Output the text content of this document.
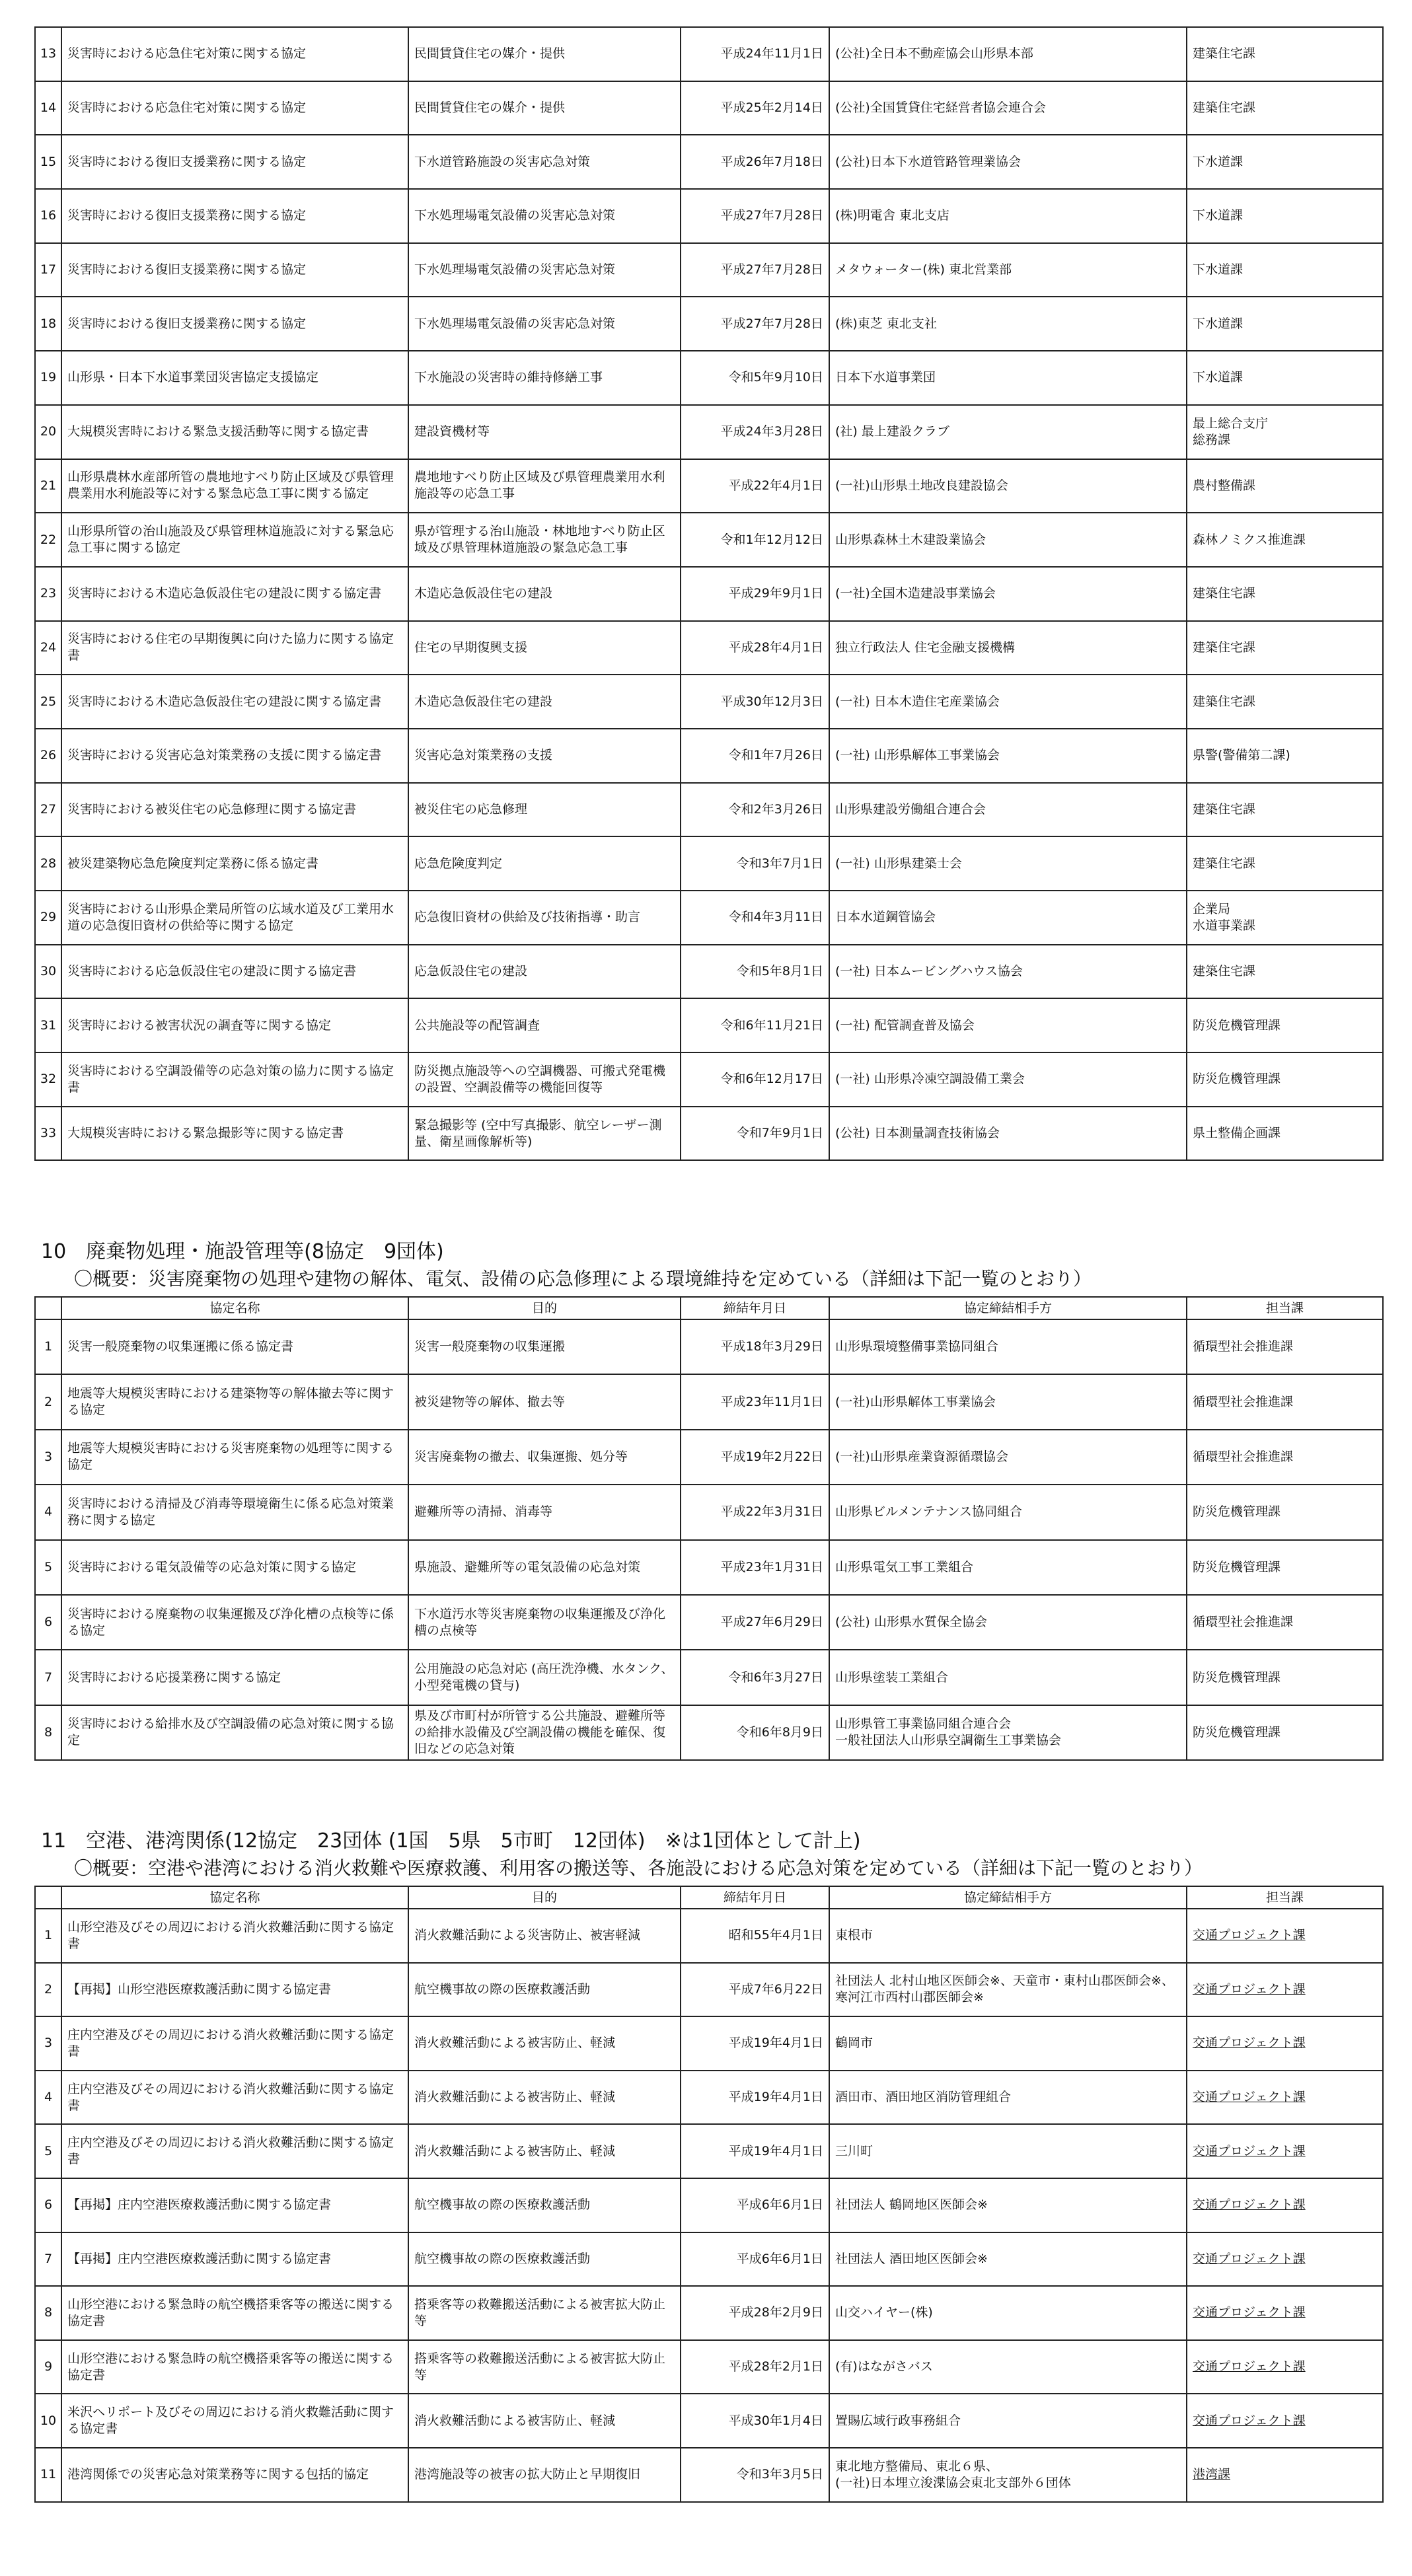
13	災害時における応急住宅対策に関する協定	民間賃貸住宅の媒介・提供	平成24年11月1日	(公社)全日本不動産協会山形県本部	建築住宅課
14	災害時における応急住宅対策に関する協定	民間賃貸住宅の媒介・提供	平成25年2月14日	(公社)全国賃貸住宅経営者協会連合会	建築住宅課
15	災害時における復旧支援業務に関する協定	下水道管路施設の災害応急対策	平成26年7月18日	(公社)日本下水道管路管理業協会	下水道課
16	災害時における復旧支援業務に関する協定	下水処理場電気設備の災害応急対策	平成27年7月28日	(株)明電舎 東北支店	下水道課
17	災害時における復旧支援業務に関する協定	下水処理場電気設備の災害応急対策	平成27年7月28日	メタウォーター(株) 東北営業部	下水道課
18	災害時における復旧支援業務に関する協定	下水処理場電気設備の災害応急対策	平成27年7月28日	(株)東芝 東北支社	下水道課
19	山形県・日本下水道事業団災害協定支援協定	下水施設の災害時の維持修繕工事	令和5年9月10日	日本下水道事業団	下水道課
20	大規模災害時における緊急支援活動等に関する協定書	建設資機材等	平成24年3月28日	(社) 最上建設クラブ	最上総合支庁
総務課
21	山形県農林水産部所管の農地地すべり防止区域及び県管理農業用水利施設等に対する緊急応急工事に関する協定	農地地すべり防止区域及び県管理農業用水利施設等の応急工事	平成22年4月1日	(一社)山形県土地改良建設協会	農村整備課
22	山形県所管の治山施設及び県管理林道施設に対する緊急応急工事に関する協定	県が管理する治山施設・林地地すべり防止区域及び県管理林道施設の緊急応急工事	令和1年12月12日	山形県森林土木建設業協会	森林ノミクス推進課
23	災害時における木造応急仮設住宅の建設に関する協定書	木造応急仮設住宅の建設	平成29年9月1日	(一社)全国木造建設事業協会	建築住宅課
24	災害時における住宅の早期復興に向けた協力に関する協定書	住宅の早期復興支援	平成28年4月1日	独立行政法人 住宅金融支援機構	建築住宅課
25	災害時における木造応急仮設住宅の建設に関する協定書	木造応急仮設住宅の建設	平成30年12月3日	(一社) 日本木造住宅産業協会	建築住宅課
26	災害時における災害応急対策業務の支援に関する協定書	災害応急対策業務の支援	令和1年7月26日	(一社) 山形県解体工事業協会	県警(警備第二課)
27	災害時における被災住宅の応急修理に関する協定書	被災住宅の応急修理	令和2年3月26日	山形県建設労働組合連合会	建築住宅課
28	被災建築物応急危険度判定業務に係る協定書	応急危険度判定	令和3年7月1日	(一社) 山形県建築士会	建築住宅課
29	災害時における山形県企業局所管の広域水道及び工業用水道の応急復旧資材の供給等に関する協定	応急復旧資材の供給及び技術指導・助言	令和4年3月11日	日本水道鋼管協会	企業局
水道事業課
30	災害時における応急仮設住宅の建設に関する協定書	応急仮設住宅の建設	令和5年8月1日	(一社) 日本ムービングハウス協会	建築住宅課
31	災害時における被害状況の調査等に関する協定	公共施設等の配管調査	令和6年11月21日	(一社) 配管調査普及協会	防災危機管理課
32	災害時における空調設備等の応急対策の協力に関する協定書	防災拠点施設等への空調機器、可搬式発電機の設置、空調設備等の機能回復等	令和6年12月17日	(一社) 山形県冷凍空調設備工業会	防災危機管理課
33	大規模災害時における緊急撮影等に関する協定書	緊急撮影等 (空中写真撮影、航空レーザー測量、衛星画像解析等)	令和7年9月1日	(公社) 日本測量調査技術協会	県土整備企画課
10　廃棄物処理・施設管理等(8協定　9団体)
〇概要：災害廃棄物の処理や建物の解体、電気、設備の応急修理による環境維持を定めている（詳細は下記一覧のとおり）
	協定名称	目的	締結年月日	協定締結相手方	担当課
1	災害一般廃棄物の収集運搬に係る協定書	災害一般廃棄物の収集運搬	平成18年3月29日	山形県環境整備事業協同組合	循環型社会推進課
2	地震等大規模災害時における建築物等の解体撤去等に関する協定	被災建物等の解体、撤去等	平成23年11月1日	(一社)山形県解体工事業協会	循環型社会推進課
3	地震等大規模災害時における災害廃棄物の処理等に関する協定	災害廃棄物の撤去、収集運搬、処分等	平成19年2月22日	(一社)山形県産業資源循環協会	循環型社会推進課
4	災害時における清掃及び消毒等環境衛生に係る応急対策業務に関する協定	避難所等の清掃、消毒等	平成22年3月31日	山形県ビルメンテナンス協同組合	防災危機管理課
5	災害時における電気設備等の応急対策に関する協定	県施設、避難所等の電気設備の応急対策	平成23年1月31日	山形県電気工事工業組合	防災危機管理課
6	災害時における廃棄物の収集運搬及び浄化槽の点検等に係る協定	下水道汚水等災害廃棄物の収集運搬及び浄化槽の点検等	平成27年6月29日	(公社) 山形県水質保全協会	循環型社会推進課
7	災害時における応援業務に関する協定	公用施設の応急対応 (高圧洗浄機、水タンク、小型発電機の貸与)	令和6年3月27日	山形県塗装工業組合	防災危機管理課
8	災害時における給排水及び空調設備の応急対策に関する協定	県及び市町村が所管する公共施設、避難所等の給排水設備及び空調設備の機能を確保、復旧などの応急対策	令和6年8月9日	山形県管工事業協同組合連合会
一般社団法人山形県空調衛生工事業協会	防災危機管理課
11　空港、港湾関係(12協定　23団体 (1国　5県　5市町　12団体)　※は1団体として計上)
〇概要：空港や港湾における消火救難や医療救護、利用客の搬送等、各施設における応急対策を定めている（詳細は下記一覧のとおり）
	協定名称	目的	締結年月日	協定締結相手方	担当課
1	山形空港及びその周辺における消火救難活動に関する協定書	消火救難活動による災害防止、被害軽減	昭和55年4月1日	東根市	交通プロジェクト課
2	【再掲】山形空港医療救護活動に関する協定書	航空機事故の際の医療救護活動	平成7年6月22日	社団法人 北村山地区医師会※、天童市・東村山郡医師会※、寒河江市西村山郡医師会※	交通プロジェクト課
3	庄内空港及びその周辺における消火救難活動に関する協定書	消火救難活動による被害防止、軽減	平成19年4月1日	鶴岡市	交通プロジェクト課
4	庄内空港及びその周辺における消火救難活動に関する協定書	消火救難活動による被害防止、軽減	平成19年4月1日	酒田市、酒田地区消防管理組合	交通プロジェクト課
5	庄内空港及びその周辺における消火救難活動に関する協定書	消火救難活動による被害防止、軽減	平成19年4月1日	三川町	交通プロジェクト課
6	【再掲】庄内空港医療救護活動に関する協定書	航空機事故の際の医療救護活動	平成6年6月1日	社団法人 鶴岡地区医師会※	交通プロジェクト課
7	【再掲】庄内空港医療救護活動に関する協定書	航空機事故の際の医療救護活動	平成6年6月1日	社団法人 酒田地区医師会※	交通プロジェクト課
8	山形空港における緊急時の航空機搭乗客等の搬送に関する協定書	搭乗客等の救難搬送活動による被害拡大防止等	平成28年2月9日	山交ハイヤー(株)	交通プロジェクト課
9	山形空港における緊急時の航空機搭乗客等の搬送に関する協定書	搭乗客等の救難搬送活動による被害拡大防止等	平成28年2月1日	(有)はながさバス	交通プロジェクト課
10	米沢ヘリポート及びその周辺における消火救難活動に関する協定書	消火救難活動による被害防止、軽減	平成30年1月4日	置賜広域行政事務組合	交通プロジェクト課
11	港湾関係での災害応急対策業務等に関する包括的協定	港湾施設等の被害の拡大防止と早期復旧	令和3年3月5日	東北地方整備局、東北６県、
(一社)日本埋立浚渫協会東北支部外６団体	港湾課
